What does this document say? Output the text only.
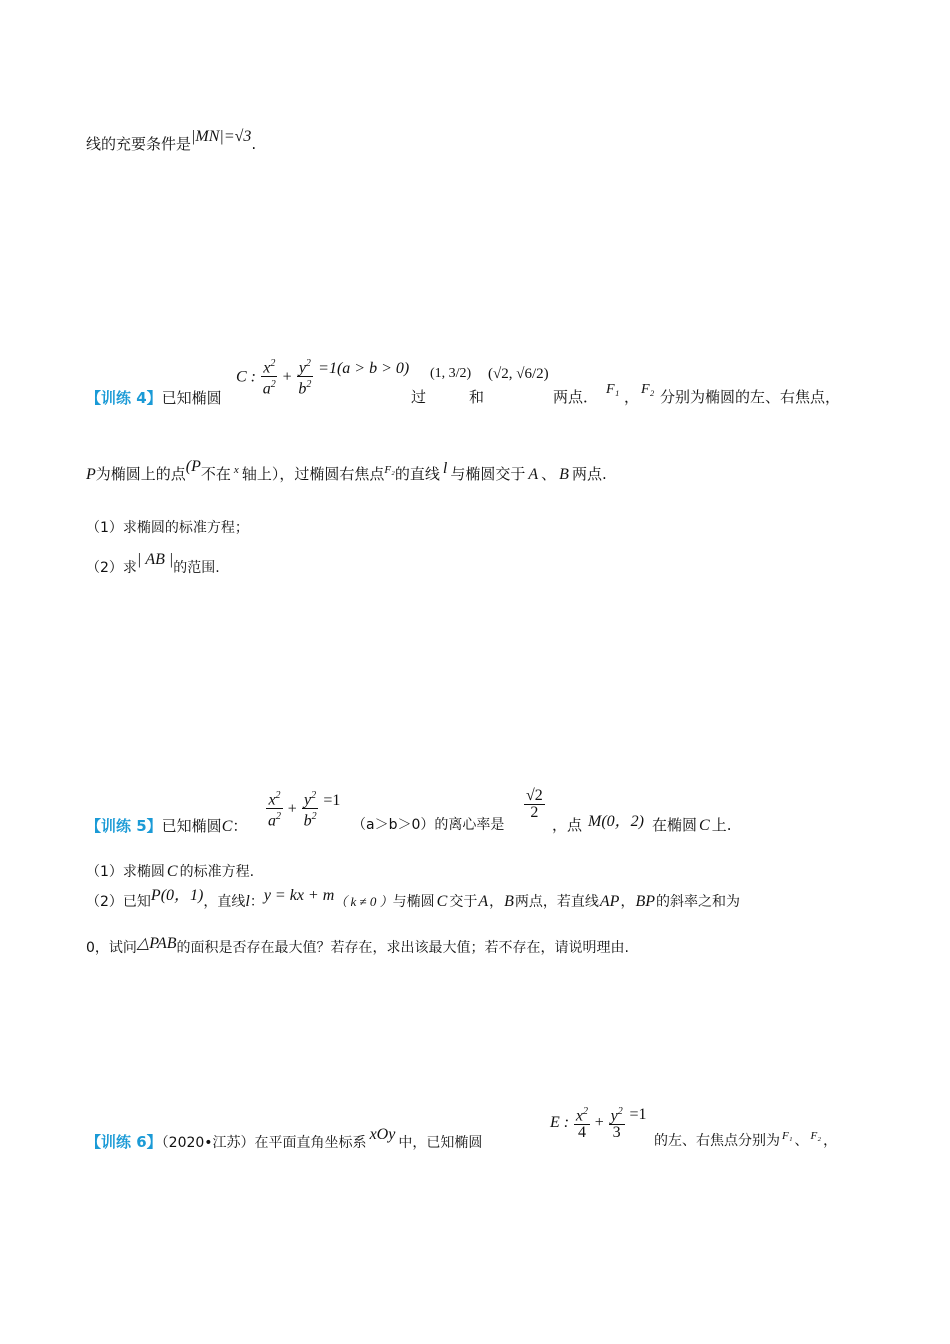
线的充要条件是|MN|=√3.
【训练 4】已知椭圆
C : $\frac{x^2}{a^2} + \frac{y^2}{b^2} =1(a > b > 0)$
过
(1, 3/2)
和
(√2, √6/2)
两点． F₁ ， F₂ 分别为椭圆的左、右焦点，
P为椭圆上的点(P不在 $^x$ 轴上），过椭圆右焦点$^{F_2}$的直线 l 与椭圆交于 A 、 B 两点.
（1）求椭圆的标准方程；
（2）求| AB |的范围.
【训练 5】已知椭圆C： $\frac{x^2}{a^2} + \frac{y^2}{b^2} =1$
（a＞b＞0）的离心率是
$\frac{√2}{2}$
，点 M(0，2) 在椭圆 C 上.
（1）求椭圆 C 的标准方程.
（2）已知P(0，1)，直线l：y = kx + m（ k ≠ 0 ）与椭圆 C 交于A，B两点，若直线AP，BP的斜率之和为
0，试问△PAB的面积是否存在最大值？若存在，求出该最大值；若不存在，请说明理由.
【训练 6】（2020•江苏）在平面直角坐标系 xOy 中，已知椭圆
E : $\frac{x^2}{4} + \frac{y^2}{3} =1$
的左、右焦点分别为 $^{F_1}$ 、 $^{F_2}$ ，
